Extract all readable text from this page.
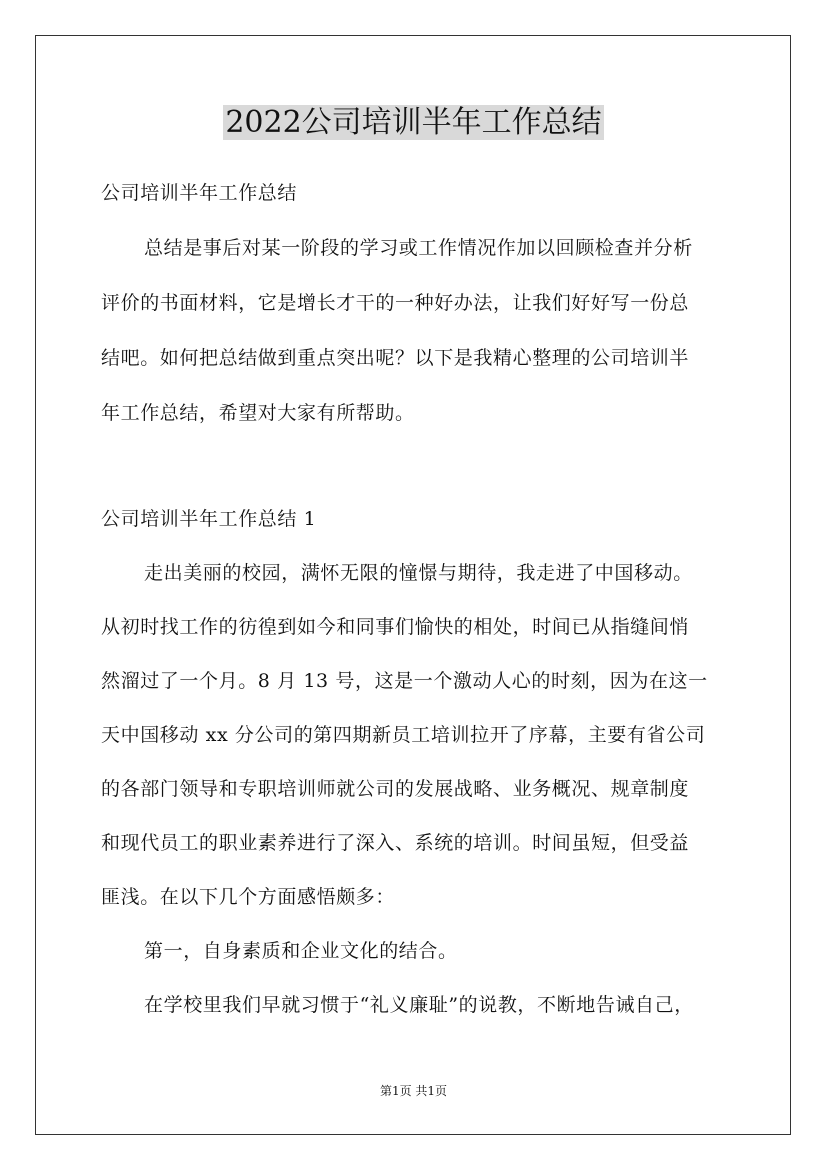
2022公司培训半年工作总结
公司培训半年工作总结
总结是事后对某一阶段的学习或工作情况作加以回顾检查并分析
评价的书面材料，它是增长才干的一种好办法，让我们好好写一份总
结吧。如何把总结做到重点突出呢？以下是我精心整理的公司培训半
年工作总结，希望对大家有所帮助。
公司培训半年工作总结 1
走出美丽的校园，满怀无限的憧憬与期待，我走进了中国移动。
从初时找工作的彷徨到如今和同事们愉快的相处，时间已从指缝间悄
然溜过了一个月。8 月 13 号，这是一个激动人心的时刻，因为在这一
天中国移动 xx 分公司的第四期新员工培训拉开了序幕，主要有省公司
的各部门领导和专职培训师就公司的发展战略、业务概况、规章制度
和现代员工的职业素养进行了深入、系统的培训。时间虽短，但受益
匪浅。在以下几个方面感悟颇多：
第一，自身素质和企业文化的结合。
在学校里我们早就习惯于“礼义廉耻”的说教，不断地告诫自己，
第1页 共1页
